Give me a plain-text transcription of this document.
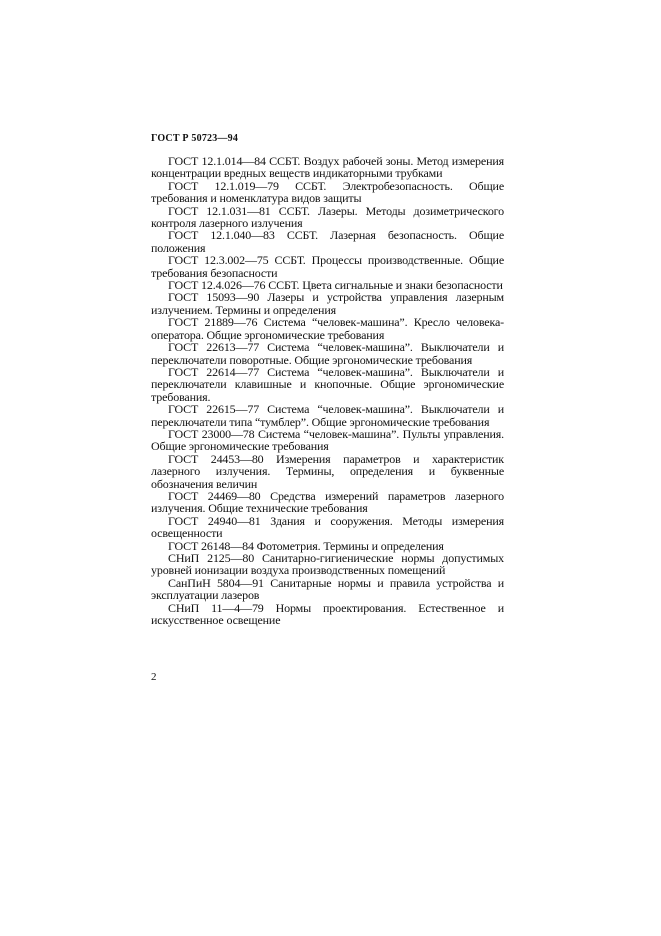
ГОСТ Р 50723—94

ГОСТ 12.1.014—84 ССБТ. Воздух рабочей зоны. Метод измерения концентрации вредных веществ индикаторными трубками

ГОСТ 12.1.019—79 ССБТ. Электробезопасность. Общие требования и номенклатура видов защиты

ГОСТ 12.1.031—81 ССБТ. Лазеры. Методы дозиметрического контроля лазерного излучения

ГОСТ 12.1.040—83 ССБТ. Лазерная безопасность. Общие положения

ГОСТ 12.3.002—75 ССБТ. Процессы производственные. Общие требования безопасности

ГОСТ 12.4.026—76 ССБТ. Цвета сигнальные и знаки безопасности

ГОСТ 15093—90 Лазеры и устройства управления лазерным излучением. Термины и определения

ГОСТ 21889—76 Система “человек-машина”. Кресло человека-оператора. Общие эргономические требования

ГОСТ 22613—77 Система “человек-машина”. Выключатели и переключатели поворотные. Общие эргономические требования

ГОСТ 22614—77 Система “человек-машина”. Выключатели и переключатели клавишные и кнопочные. Общие эргономические требования.

ГОСТ 22615—77 Система “человек-машина”. Выключатели и переключатели типа “тумблер”. Общие эргономические требования

ГОСТ 23000—78 Система “человек-машина”. Пульты управления. Общие эргономические требования

ГОСТ 24453—80 Измерения параметров и характеристик лазерного излучения. Термины, определения и буквенные обозначения величин

ГОСТ 24469—80 Средства измерений параметров лазерного излучения. Общие технические требования

ГОСТ 24940—81 Здания и сооружения. Методы измерения освещенности

ГОСТ 26148—84 Фотометрия. Термины и определения

СНиП 2125—80 Санитарно-гигиенические нормы допустимых уровней ионизации воздуха производственных помещений

СанПиН 5804—91 Санитарные нормы и правила устройства и эксплуатации лазеров

СНиП 11—4—79 Нормы проектирования. Естественное и искусственное освещение

2
